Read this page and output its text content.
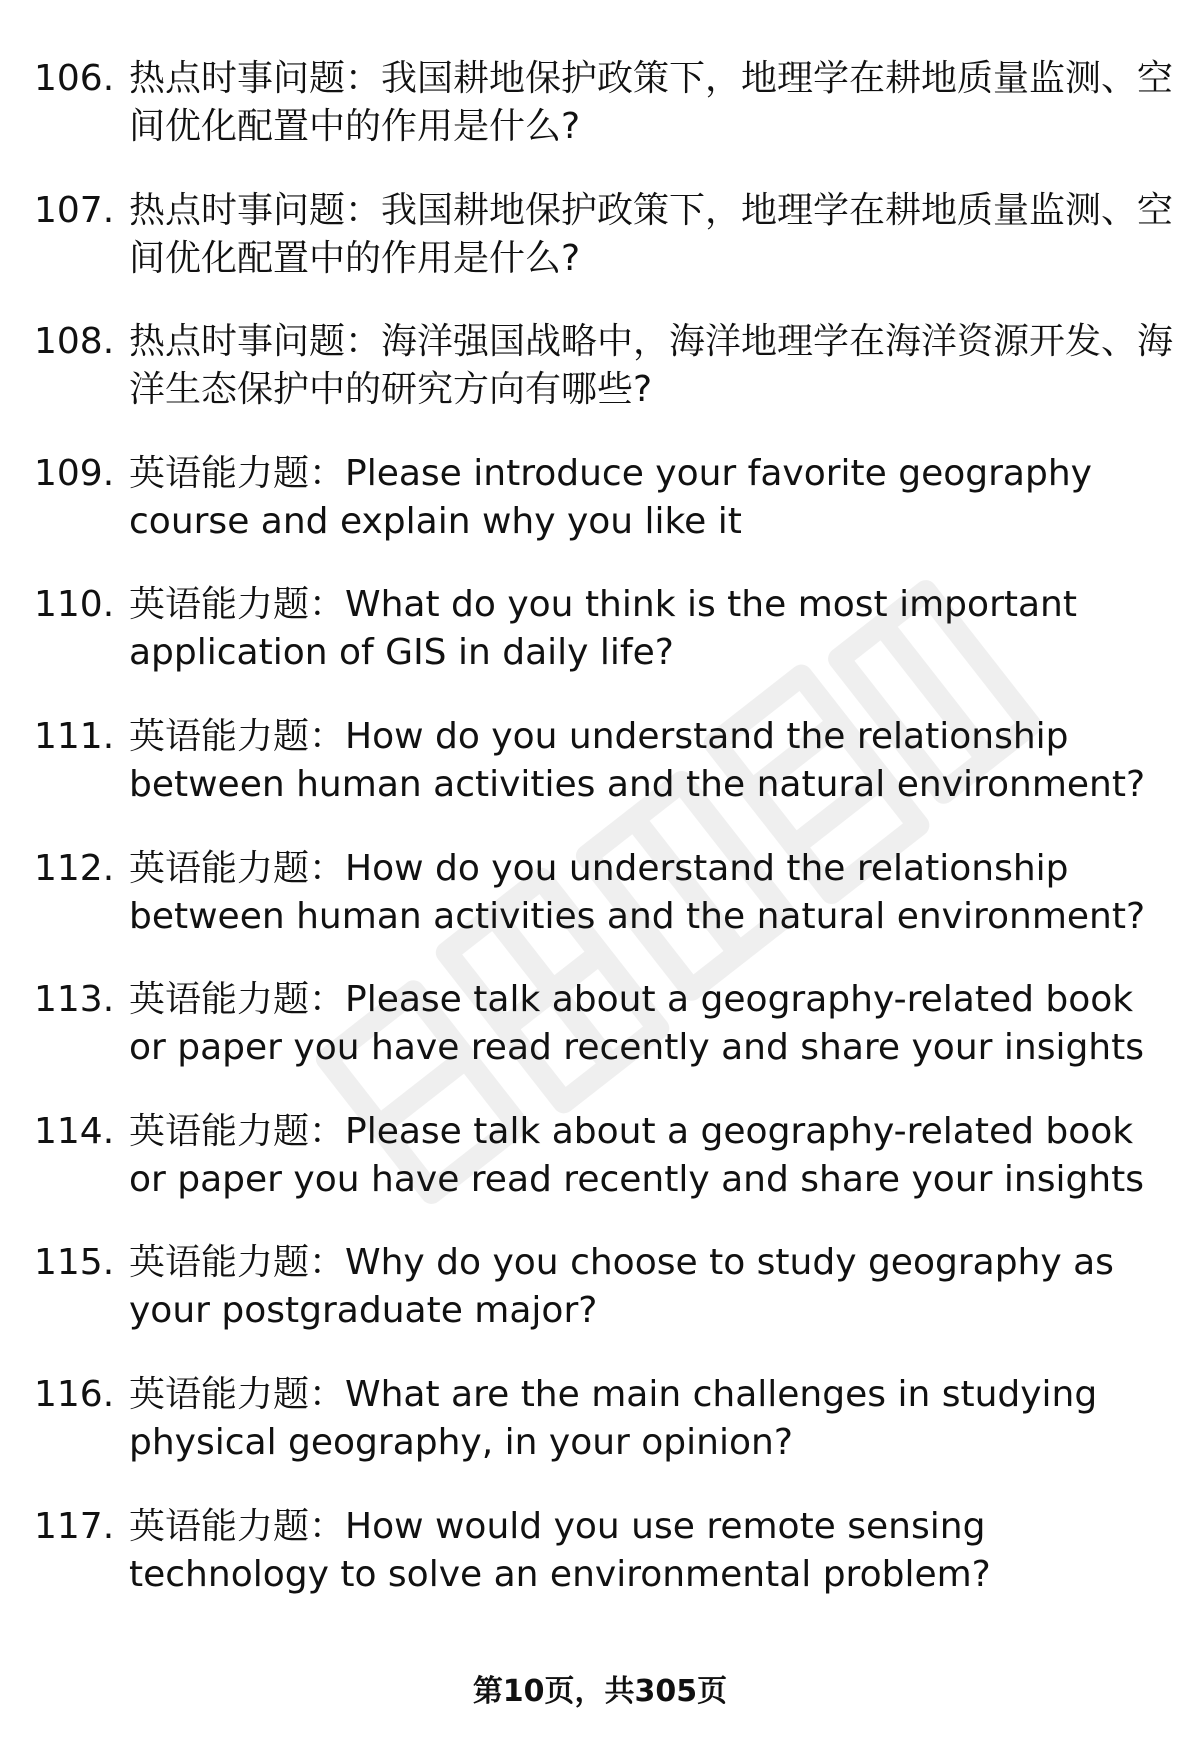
106. 热点时事问题：我国耕地保护政策下，地理学在耕地质量监测、空间优化配置中的作用是什么?
107. 热点时事问题：我国耕地保护政策下，地理学在耕地质量监测、空间优化配置中的作用是什么?
108. 热点时事问题：海洋强国战略中，海洋地理学在海洋资源开发、海洋生态保护中的研究方向有哪些?
109. 英语能力题：Please introduce your favorite geography course and explain why you like it
110. 英语能力题：What do you think is the most important application of GIS in daily life?
111. 英语能力题：How do you understand the relationship between human activities and the natural environment?
112. 英语能力题：How do you understand the relationship between human activities and the natural environment?
113. 英语能力题：Please talk about a geography-related book or paper you have read recently and share your insights
114. 英语能力题：Please talk about a geography-related book or paper you have read recently and share your insights
115. 英语能力题：Why do you choose to study geography as your postgraduate major?
116. 英语能力题：What are the main challenges in studying physical geography, in your opinion?
117. 英语能力题：How would you use remote sensing technology to solve an environmental problem?
第10页，共305页
